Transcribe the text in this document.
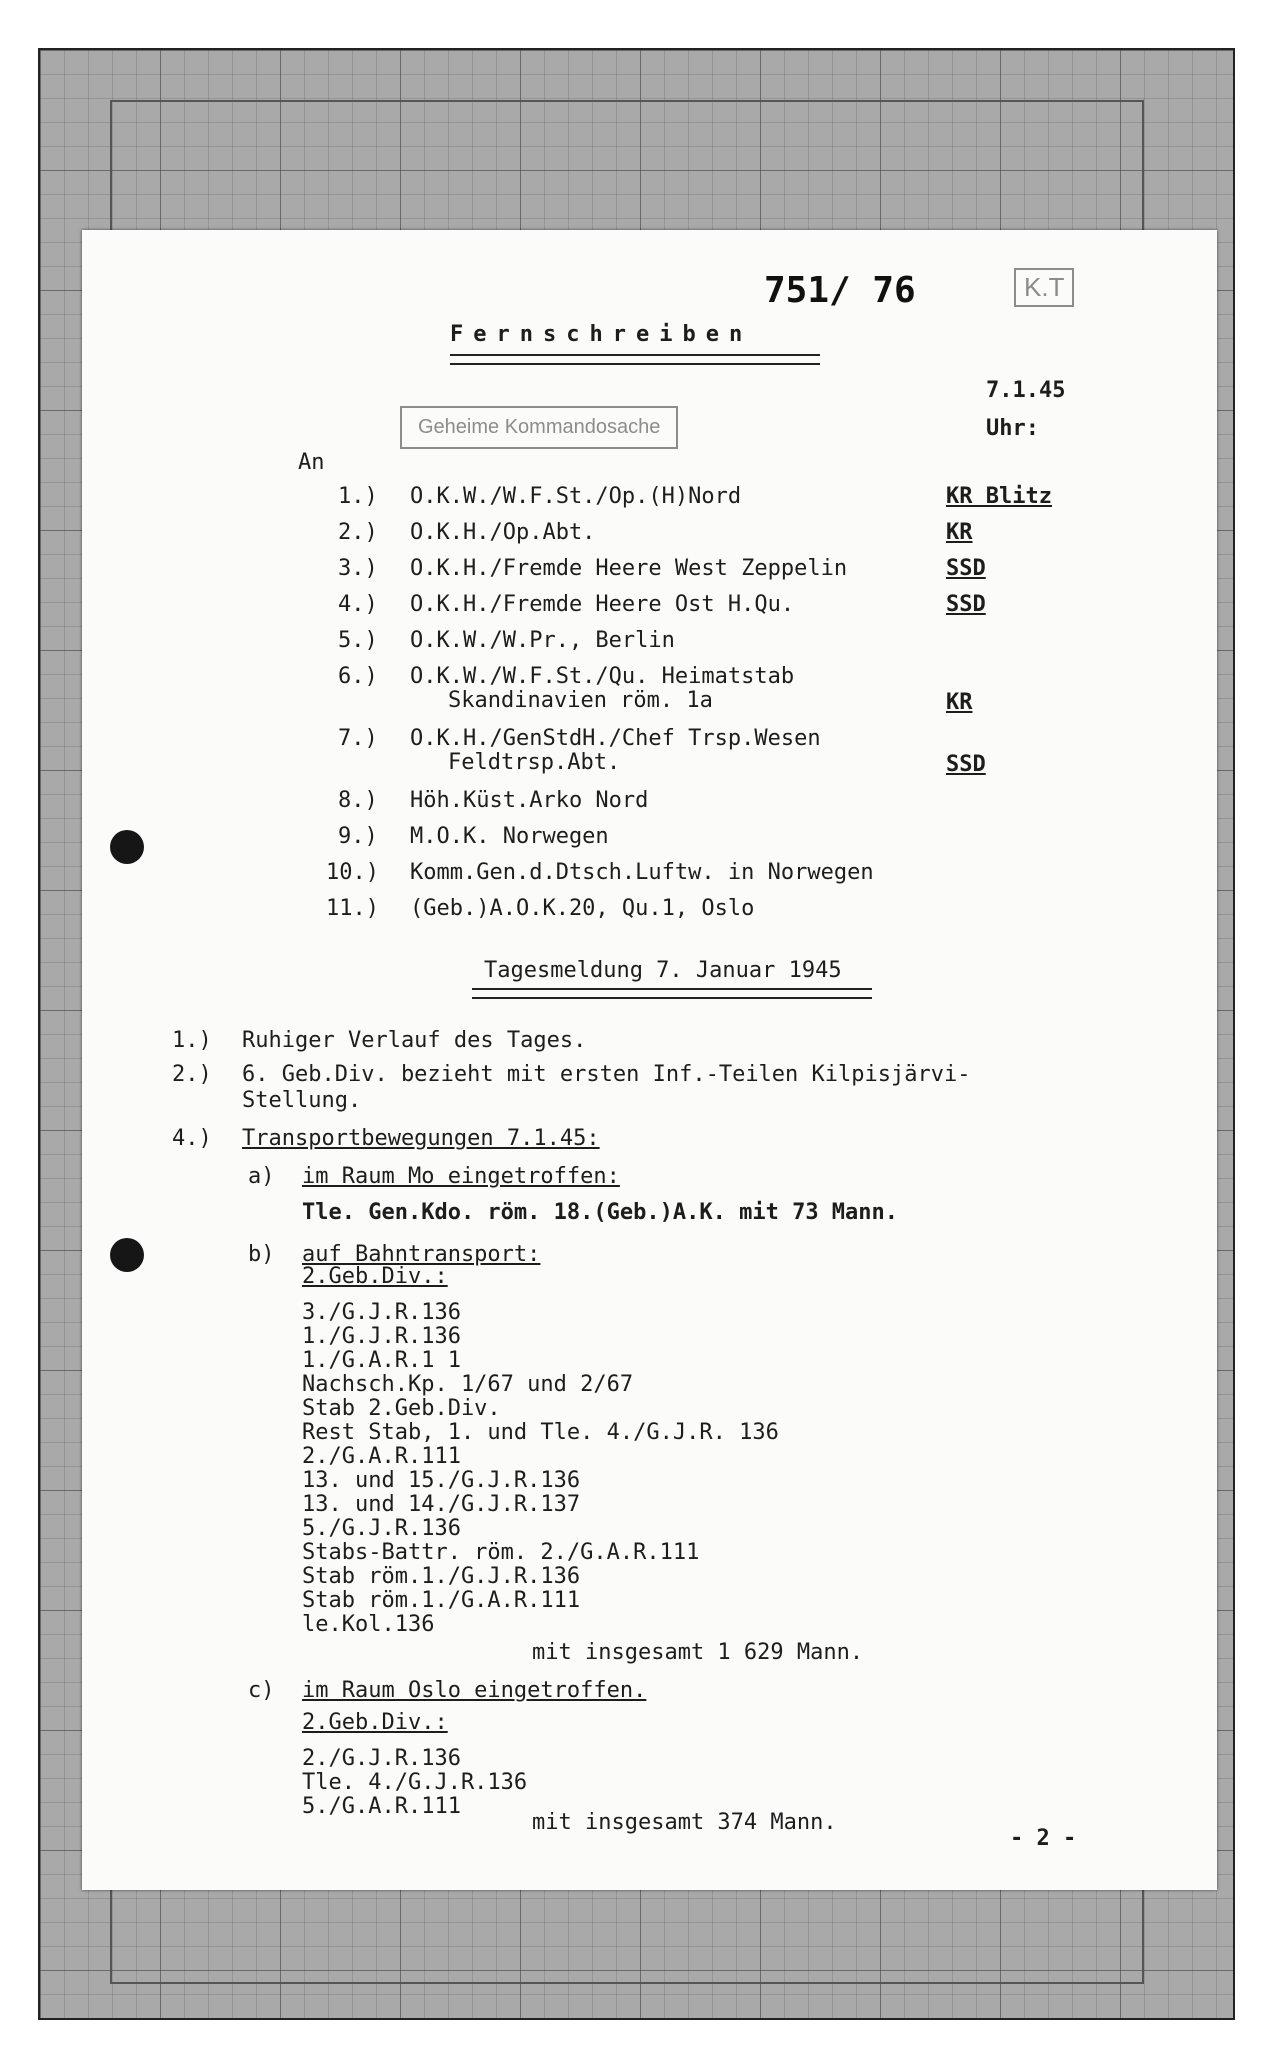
751/ 76	K.T
Fernschreiben
7.1.45
Uhr:
Geheime Kommandosache
An
1.) O.K.W./W.F.St./Op.(H)Nord	KR Blitz
2.) O.K.H./Op.Abt.	KR
3.) O.K.H./Fremde Heere West Zeppelin	SSD
4.) O.K.H./Fremde Heere Ost H.Qu.	SSD
5.) O.K.W./W.Pr., Berlin
6.) O.K.W./W.F.St./Qu. Heimatstab
Skandinavien röm. 1a	KR
7.) O.K.H./GenStdH./Chef Trsp.Wesen
Feldtrsp.Abt.	SSD
8.) Höh.Küst.Arko Nord
9.) M.O.K. Norwegen
10.) Komm.Gen.d.Dtsch.Luftw. in Norwegen
11.) (Geb.)A.O.K.20, Qu.1, Oslo
Tagesmeldung 7. Januar 1945
1.) Ruhiger Verlauf des Tages.
2.) 6. Geb.Div. bezieht mit ersten Inf.-Teilen Kilpisjärvi-
Stellung.
4.) Transportbewegungen 7.1.45:
a) im Raum Mo eingetroffen:
Tle. Gen.Kdo. röm. 18.(Geb.)A.K. mit 73 Mann.
b) auf Bahntransport:
2.Geb.Div.:
3./G.J.R.136
1./G.J.R.136
1./G.A.R.1 1
Nachsch.Kp. 1/67 und 2/67
Stab 2.Geb.Div.
Rest Stab, 1. und Tle. 4./G.J.R. 136
2./G.A.R.111
13. und 15./G.J.R.136
13. und 14./G.J.R.137
5./G.J.R.136
Stabs-Battr. röm. 2./G.A.R.111
Stab röm.1./G.J.R.136
Stab röm.1./G.A.R.111
le.Kol.136
mit insgesamt 1 629 Mann.
c) im Raum Oslo eingetroffen.
2.Geb.Div.:
2./G.J.R.136
Tle. 4./G.J.R.136
5./G.A.R.111
mit insgesamt 374 Mann.
- 2 -
